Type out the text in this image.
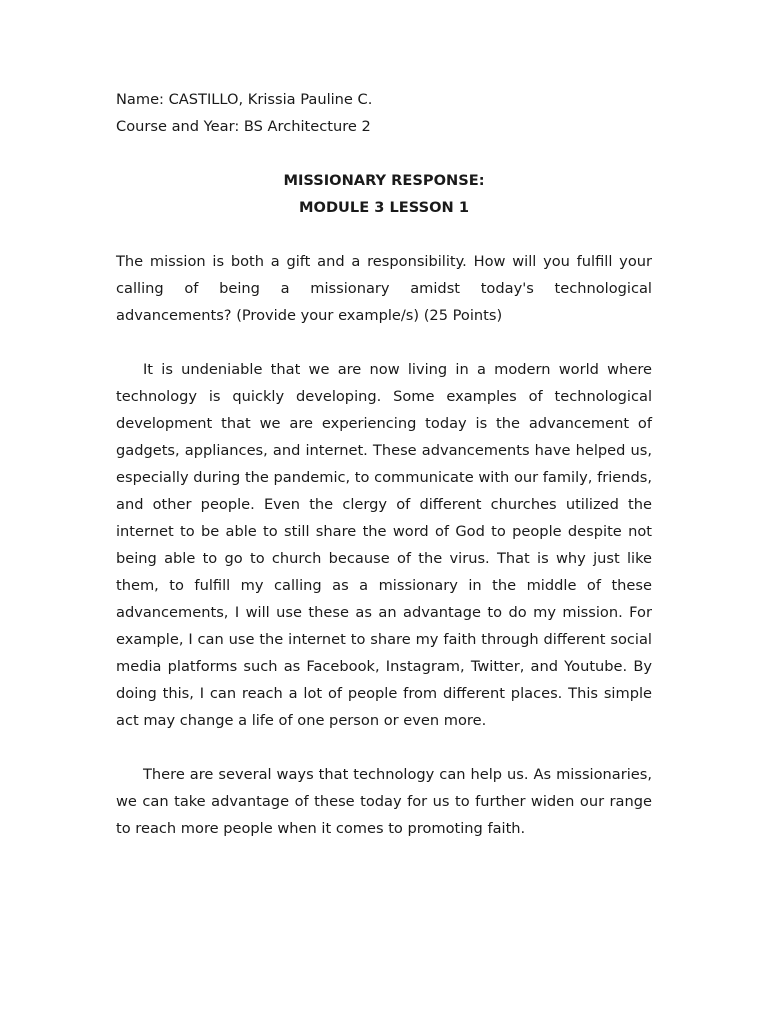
Name: CASTILLO, Krissia Pauline C.

Course and Year: BS Architecture 2

MISSIONARY RESPONSE:

MODULE 3 LESSON 1

The mission is both a gift and a responsibility. How will you fulfill your calling of being a missionary amidst today's technological advancements? (Provide your example/s) (25 Points)

It is undeniable that we are now living in a modern world where technology is quickly developing. Some examples of technological development that we are experiencing today is the advancement of gadgets, appliances, and internet. These advancements have helped us, especially during the pandemic, to communicate with our family, friends, and other people. Even the clergy of different churches utilized the internet to be able to still share the word of God to people despite not being able to go to church because of the virus. That is why just like them, to fulfill my calling as a missionary in the middle of these advancements, I will use these as an advantage to do my mission. For example, I can use the internet to share my faith through different social media platforms such as Facebook, Instagram, Twitter, and Youtube. By doing this, I can reach a lot of people from different places. This simple act may change a life of one person or even more.

There are several ways that technology can help us. As missionaries, we can take advantage of these today for us to further widen our range to reach more people when it comes to promoting faith.
